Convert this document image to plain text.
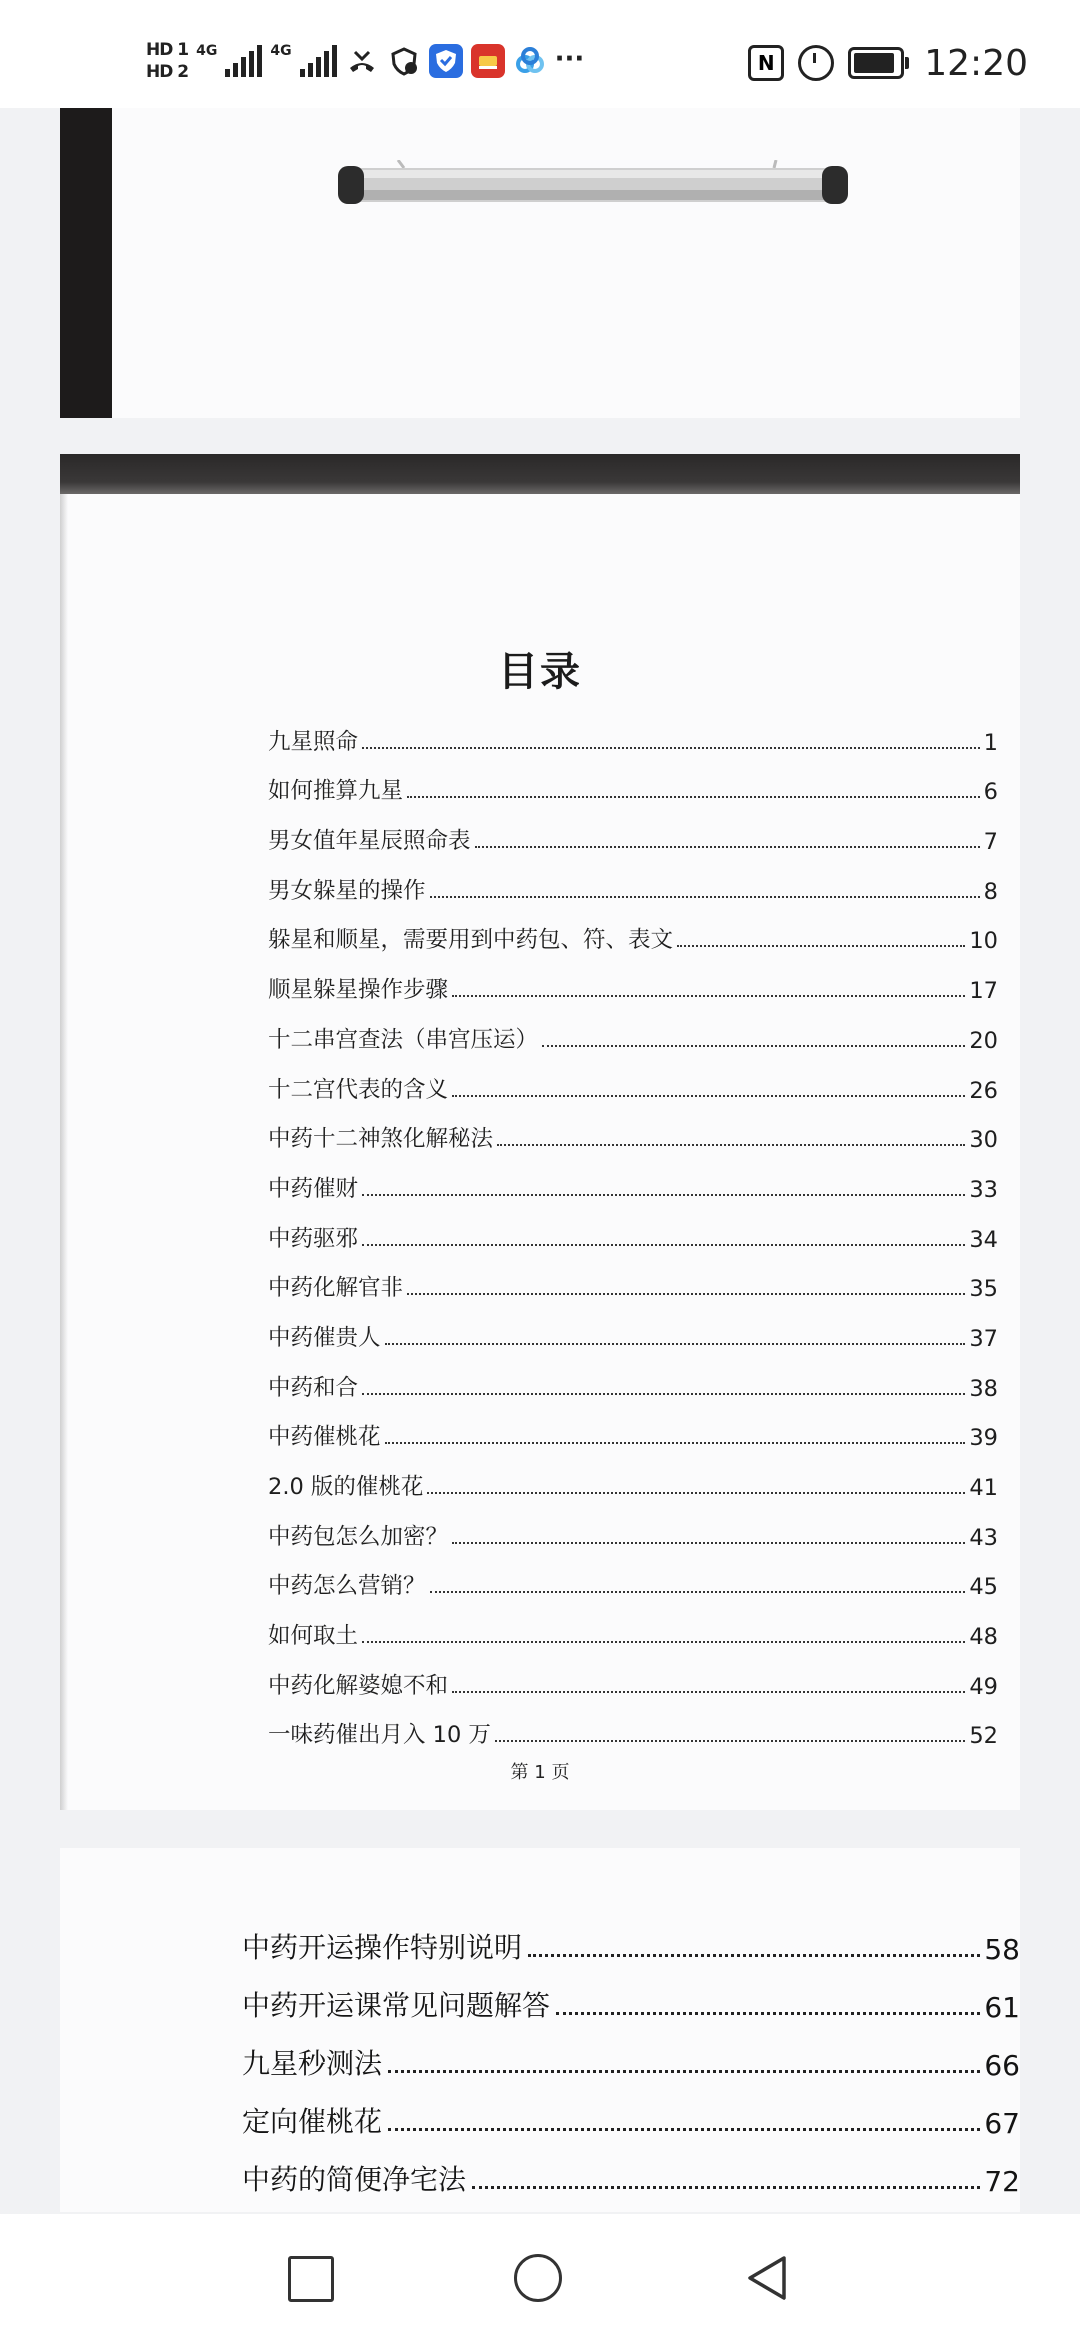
HD 1
HD 2
4G	4G	···	N	12:20
目录
九星照命	1
如何推算九星	6
男女值年星辰照命表	7
男女躲星的操作	8
躲星和顺星，需要用到中药包、符、表文	10
顺星躲星操作步骤	17
十二串宫查法（串宫压运）	20
十二宫代表的含义	26
中药十二神煞化解秘法	30
中药催财	33
中药驱邪	34
中药化解官非	35
中药催贵人	37
中药和合	38
中药催桃花	39
2.0 版的催桃花	41
中药包怎么加密？	43
中药怎么营销？	45
如何取土	48
中药化解婆媳不和	49
一味药催出月入 10 万	52
第 1 页
中药开运操作特别说明	58
中药开运课常见问题解答	61
九星秒测法	66
定向催桃花	67
中药的简便净宅法	72
